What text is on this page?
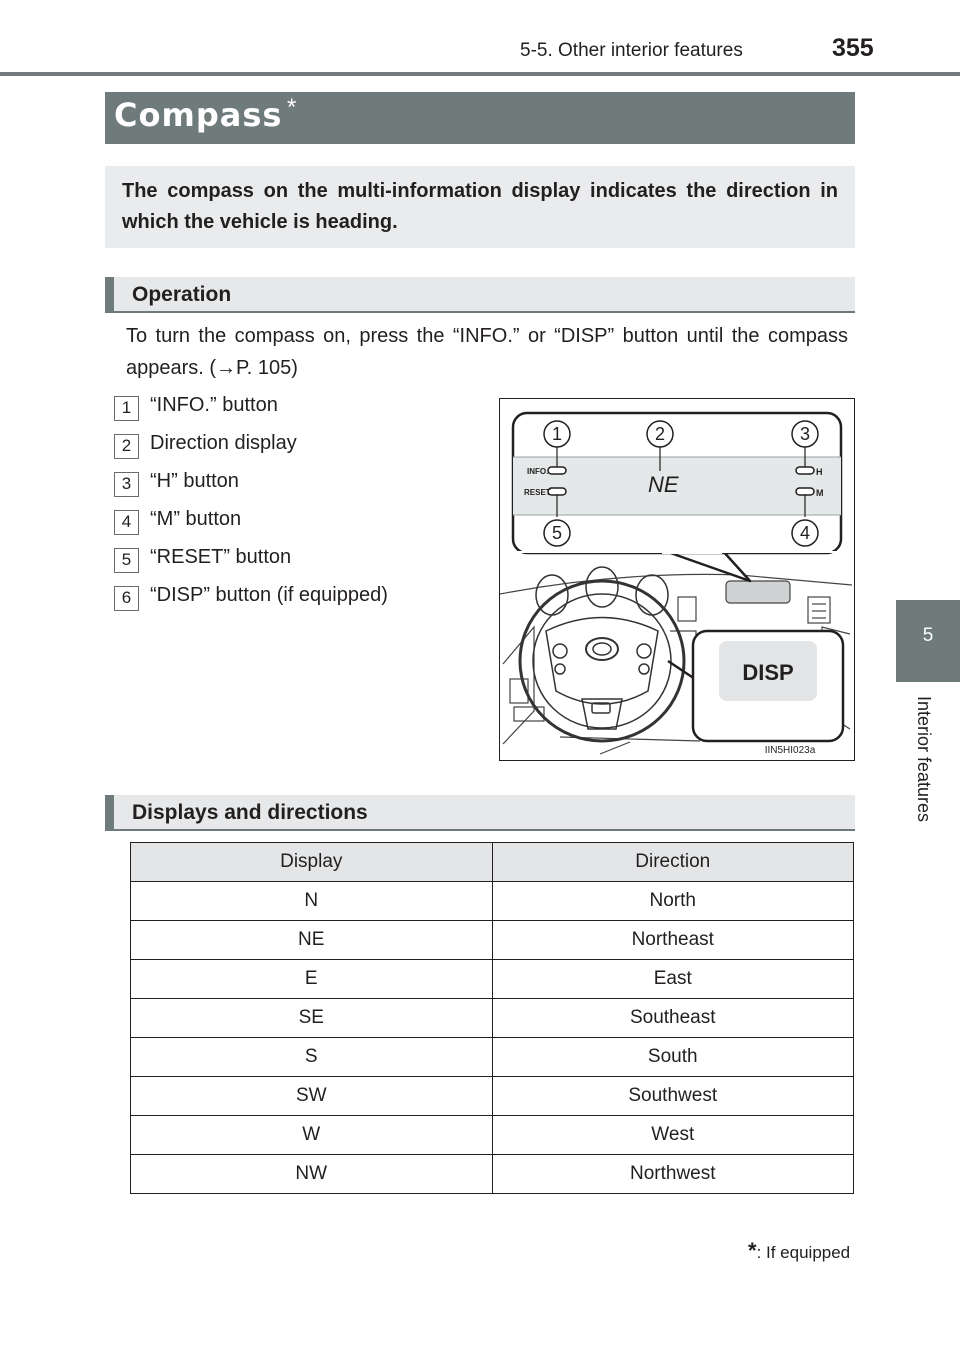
5-5. Other interior features	355
5
Interior features
Compass *
The compass on the multi-information display indicates the direction in which the vehicle is heading.
Operation
To turn the compass on, press the “INFO.” or “DISP” button until the compass appears. (→P. 105)
1 “INFO.” button
2 Direction display
3 “H” button
4 “M” button
5 “RESET” button
6 “DISP” button (if equipped)
INFO.
RESET
H
M
NE
1	2	3
4
5
DISP
IIN5HI023a
Displays and directions
Display	Direction
N	North
NE	Northeast
E	East
SE	Southeast
S	South
SW	Southwest
W	West
NW	Northwest
*: If equipped
